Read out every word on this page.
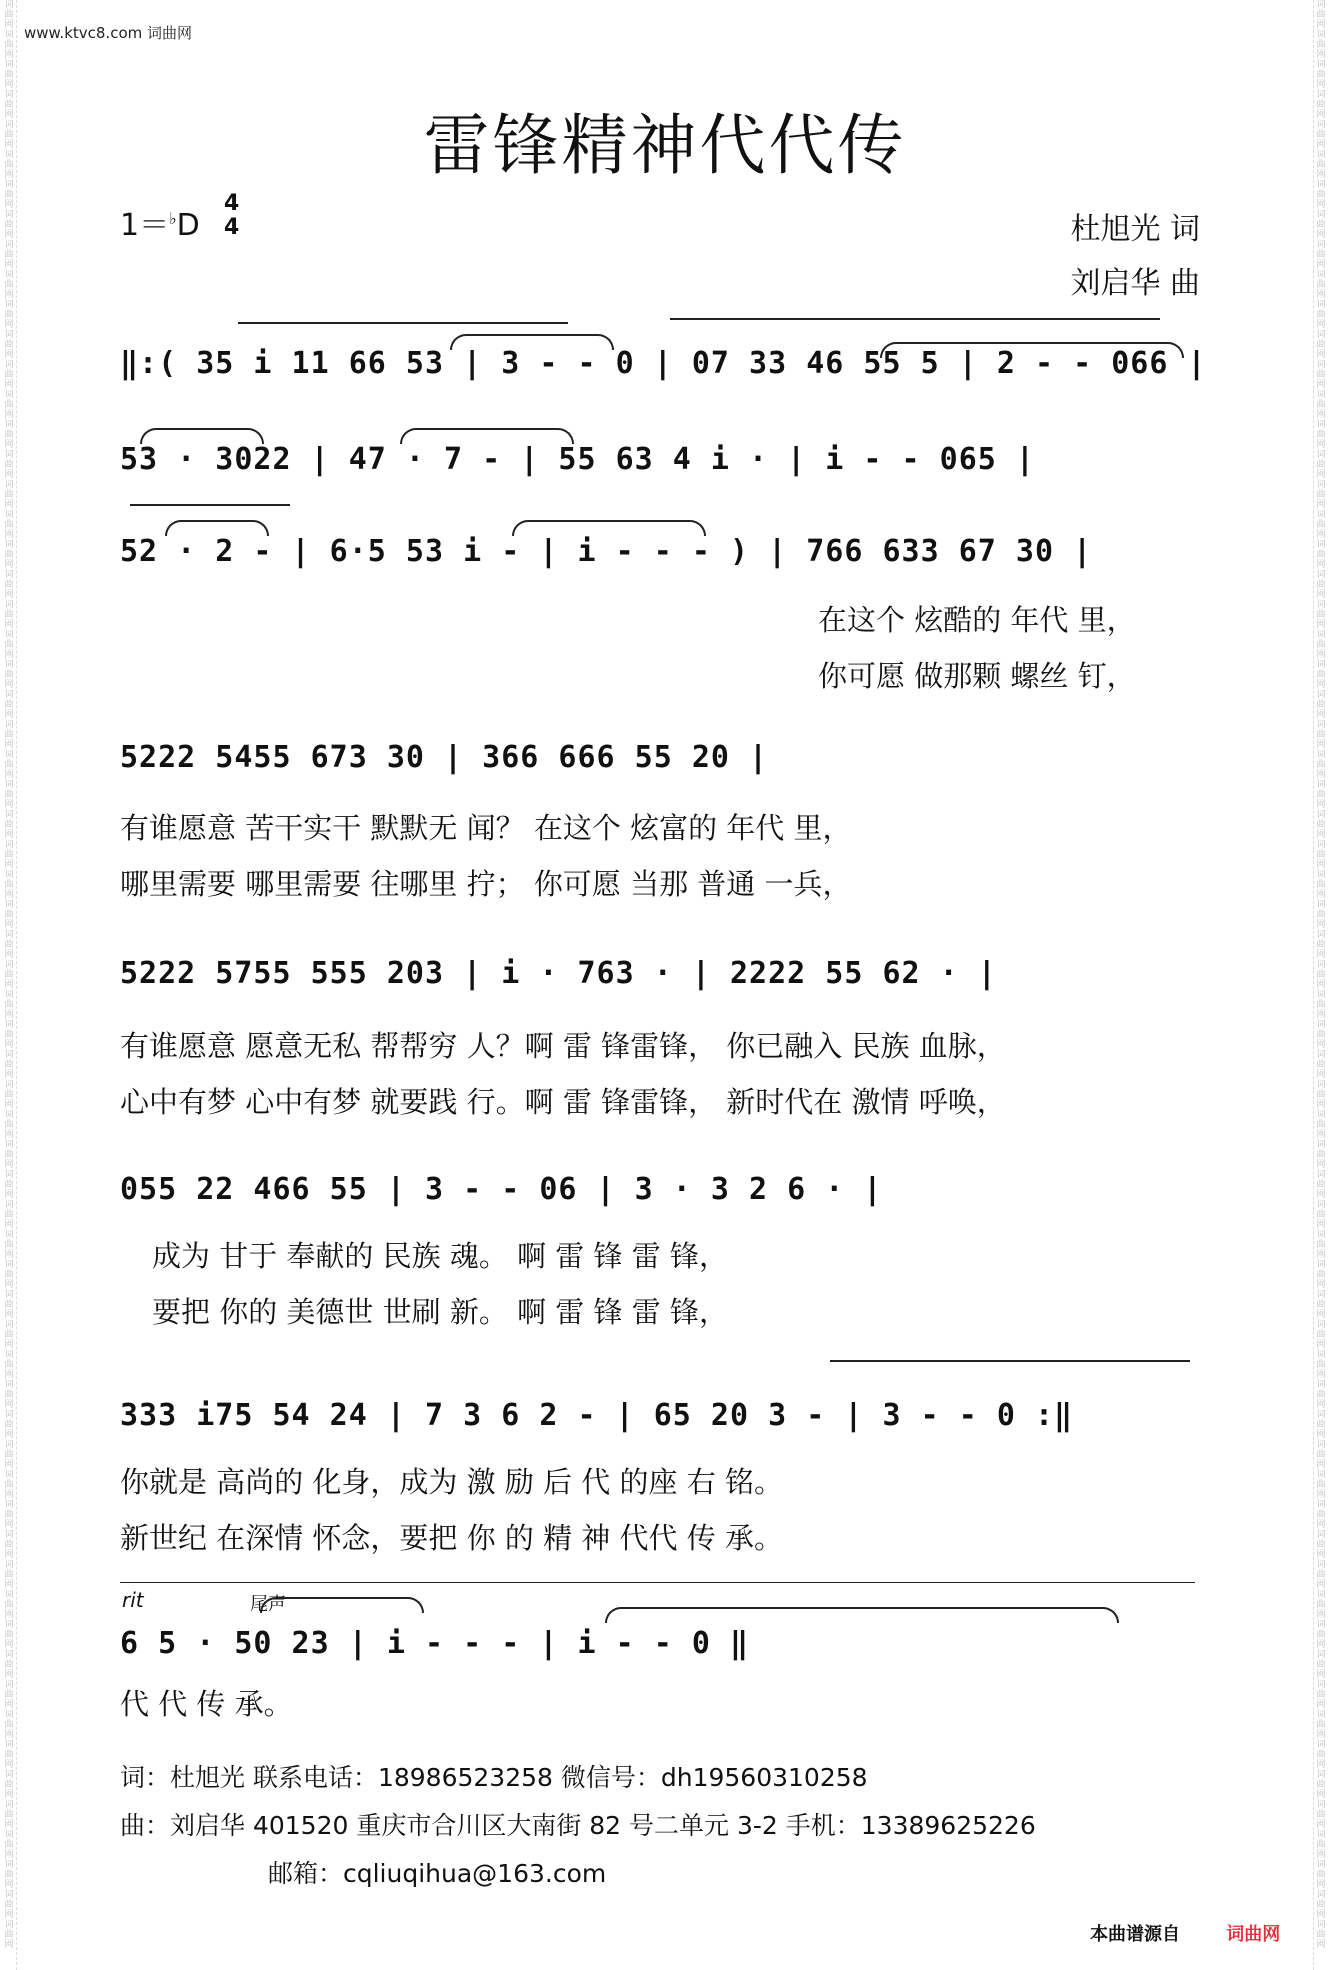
词
曲
网
词
曲
网
词
曲
网
词
曲
网
词
曲
网
词
曲
网
词
曲
网
词
曲
网
词
曲
网
词
曲
网
词
曲
网
词
曲
网
词
曲
网
词
曲
网
词
曲
网
词
曲
网
词
曲
网
词
曲
网
词
曲
网
词
曲
网
词
曲
网
词
曲
网
词
曲
网
词
曲
网
词
曲
网
词
曲
网
词
曲
网
词
曲
网
词
曲
网
词
曲
网
词
曲
网
词
曲
网
词
曲
网
词
曲
网
词
曲
网
词
曲
网
词
曲
网
词
曲
网
词
曲
网
词
曲
网
词
曲
网
词
曲
网
词
曲
网
词
曲
网
词
曲
网
词
曲
网
词
曲
网
词
曲
网
词
曲
网
词
曲
网
词
曲
网
词
曲
网
词
曲
网
词
曲
网
词
曲
网
词
曲
网
词
曲
网
词
曲
网
词
曲
网
词
曲
网
词
曲
网
词
曲
网
词
曲
网
词
曲
网
词
曲
网
词
曲
网
词
曲
网
词
曲
网
词
曲
网
词
曲
网
词
曲
网
词
曲
网
词
曲
网
词
曲
网
词
曲
网
词
曲
网
词
曲
网
词
曲
网
词
曲
网
词
曲
网
词
曲
网
词
曲
网
词
曲
网
词
曲
网
词
曲
网
词
曲
网
词
曲
网
词
曲
网
词
曲
网
词
曲
网
词
曲
网
词
曲
网
词
曲
网
词
曲
网
词
曲
网
词
曲
网
词
曲
网
词
曲
网
词
曲
网
词
曲
网
词
曲
网
词
曲
网
词
曲
网
词
曲
网
词
曲
网
词
曲
网
词
曲
网
词
曲
网
词
曲
网
词
曲
网
词
曲
网
词
曲
网
词
曲
网
词
曲
网
词
曲
网
词
曲
网
词
曲
网
词
曲
网
词
曲
网
词
曲
网
词
曲
网
词
曲
网
词
曲
网
词
曲
网
词
曲
网
词
曲
网
词
曲
网
词
曲
网
词
曲
网
词
曲
网
www.ktvc8.com 词曲网
雷锋精神代代传
1＝♭D
4
4	杜旭光 词
刘启华 曲
‖:( 35 i 11 66 53 | 3 - - 0 | 07 33 46 55 5 | 2 - - 066 |
53 · 3022 | 47 · 7 - | 55 63 4 i · | i - - 065 |
52 · 2 - | 6·5 53 i - | i - - - ) | 766 633 67 30 |
在这个 炫酷的 年代 里，
你可愿 做那颗 螺丝 钉，
5222 5455 673 30 | 366 666 55 20 |
有谁愿意 苦干实干 默默无 闻？ 在这个 炫富的 年代 里，
哪里需要 哪里需要 往哪里 拧； 你可愿 当那 普通 一兵，
5222 5755 555 203 | i · 763 · | 2222 55 62 · |
有谁愿意 愿意无私 帮帮穷 人？啊 雷 锋雷锋， 你已融入 民族 血脉，
心中有梦 心中有梦 就要践 行。啊 雷 锋雷锋， 新时代在 激情 呼唤，
055 22 466 55 | 3 - - 06 | 3 · 3 2 6 · |
成为 甘于 奉献的 民族 魂。 啊 雷 锋 雷 锋，
要把 你的 美德世 世刷 新。 啊 雷 锋 雷 锋，
333 i75 54 24 | 7 3 6 2 - | 65 20 3 - | 3 - - 0 :‖
你就是 高尚的 化身，成为 激 励 后 代 的座 右 铭。
新世纪 在深情 怀念，要把 你 的 精 神 代代 传 承。
rit	尾声
6 5 · 50 23 | i - - - | i - - 0 ‖
代 代 传 承。
词：杜旭光 联系电话：18986523258 微信号：dh19560310258
曲：刘启华 401520 重庆市合川区大南街 82 号二单元 3-2 手机：13389625226
邮箱：cqliuqihua@163.com
本曲谱源自	词曲网
